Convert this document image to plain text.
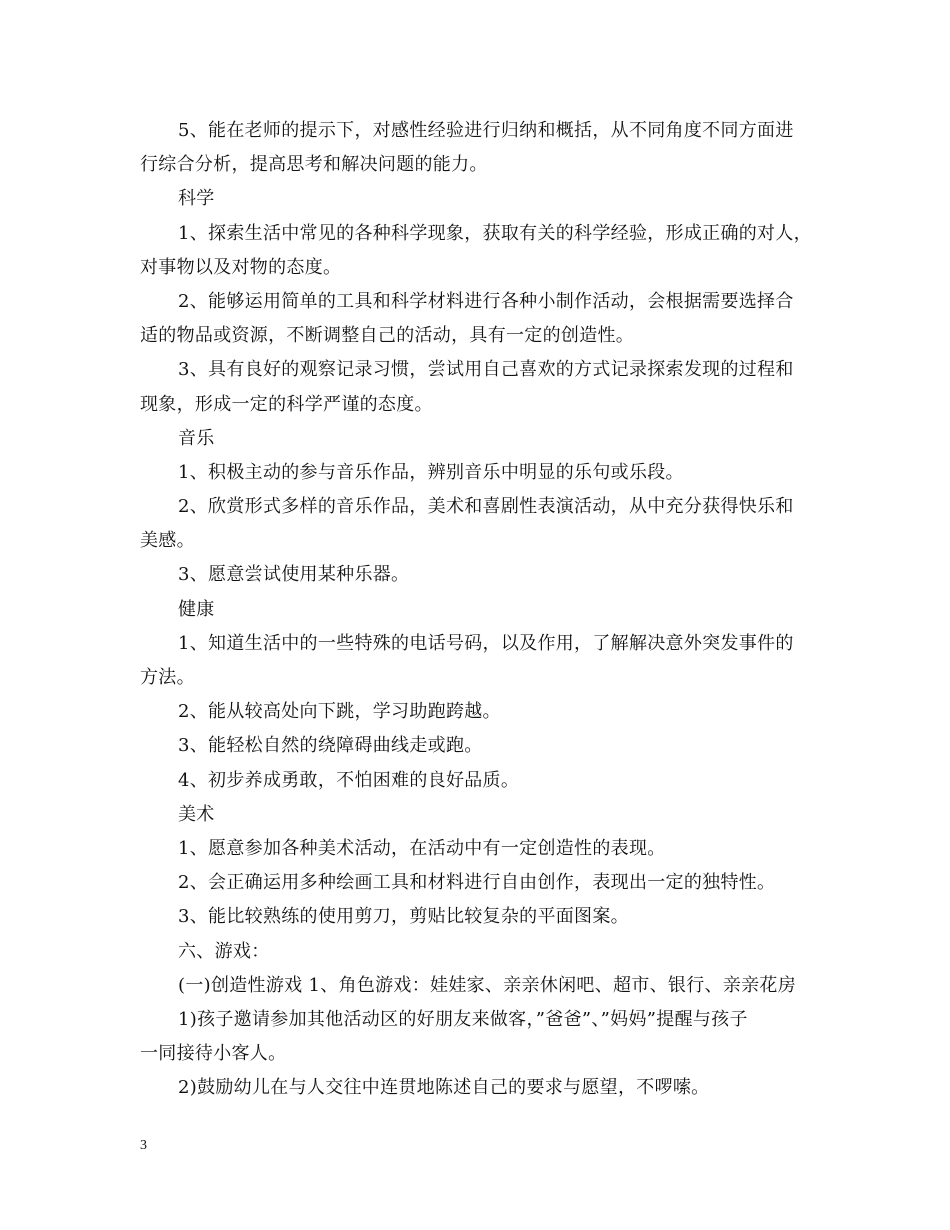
5、能在老师的提示下，对感性经验进行归纳和概括，从不同角度不同方面进
行综合分析，提高思考和解决问题的能力。
科学
1、探索生活中常见的各种科学现象，获取有关的科学经验，形成正确的对人，
对事物以及对物的态度。
2、能够运用简单的工具和科学材料进行各种小制作活动，会根据需要选择合
适的物品或资源，不断调整自己的活动，具有一定的创造性。
3、具有良好的观察记录习惯，尝试用自己喜欢的方式记录探索发现的过程和
现象，形成一定的科学严谨的态度。
音乐
1、积极主动的参与音乐作品，辨别音乐中明显的乐句或乐段。
2、欣赏形式多样的音乐作品，美术和喜剧性表演活动，从中充分获得快乐和
美感。
3、愿意尝试使用某种乐器。
健康
1、知道生活中的一些特殊的电话号码，以及作用，了解解决意外突发事件的
方法。
2、能从较高处向下跳，学习助跑跨越。
3、能轻松自然的绕障碍曲线走或跑。
4、初步养成勇敢，不怕困难的良好品质。
美术
1、愿意参加各种美术活动，在活动中有一定创造性的表现。
2、会正确运用多种绘画工具和材料进行自由创作，表现出一定的独特性。
3、能比较熟练的使用剪刀，剪贴比较复杂的平面图案。
六、游戏：
(一)创造性游戏 1、角色游戏：娃娃家、亲亲休闲吧、超市、银行、亲亲花房
1)孩子邀请参加其他活动区的好朋友来做客，”爸爸”、”妈妈”提醒与孩子
一同接待小客人。
2)鼓励幼儿在与人交往中连贯地陈述自己的要求与愿望，不啰嗦。
3
